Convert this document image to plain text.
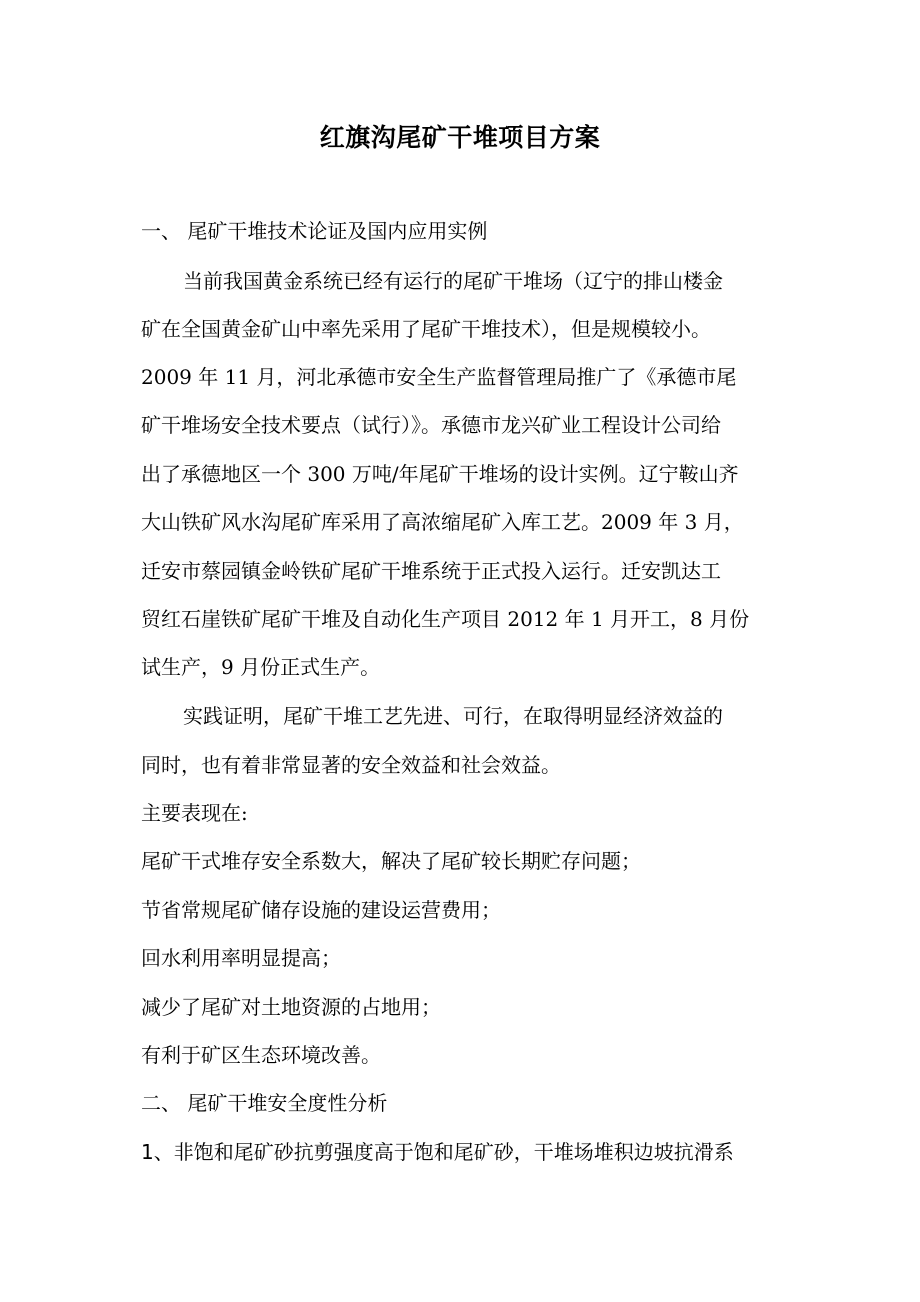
红旗沟尾矿干堆项目方案
一、 尾矿干堆技术论证及国内应用实例
当前我国黄金系统已经有运行的尾矿干堆场（辽宁的排山楼金
矿在全国黄金矿山中率先采用了尾矿干堆技术），但是规模较小。
2009 年 11 月，河北承德市安全生产监督管理局推广了《承德市尾
矿干堆场安全技术要点（试行）》。承德市龙兴矿业工程设计公司给
出了承德地区一个 300 万吨/年尾矿干堆场的设计实例。辽宁鞍山齐
大山铁矿风水沟尾矿库采用了高浓缩尾矿入库工艺。2009 年 3 月，
迁安市蔡园镇金岭铁矿尾矿干堆系统于正式投入运行。迁安凯达工
贸红石崖铁矿尾矿干堆及自动化生产项目 2012 年 1 月开工，8 月份
试生产，9 月份正式生产。
实践证明，尾矿干堆工艺先进、可行，在取得明显经济效益的
同时，也有着非常显著的安全效益和社会效益。
主要表现在:
尾矿干式堆存安全系数大，解决了尾矿较长期贮存问题；
节省常规尾矿储存设施的建设运营费用；
回水利用率明显提高；
减少了尾矿对土地资源的占地用；
有利于矿区生态环境改善。
二、 尾矿干堆安全度性分析
1、非饱和尾矿砂抗剪强度高于饱和尾矿砂，干堆场堆积边坡抗滑系
